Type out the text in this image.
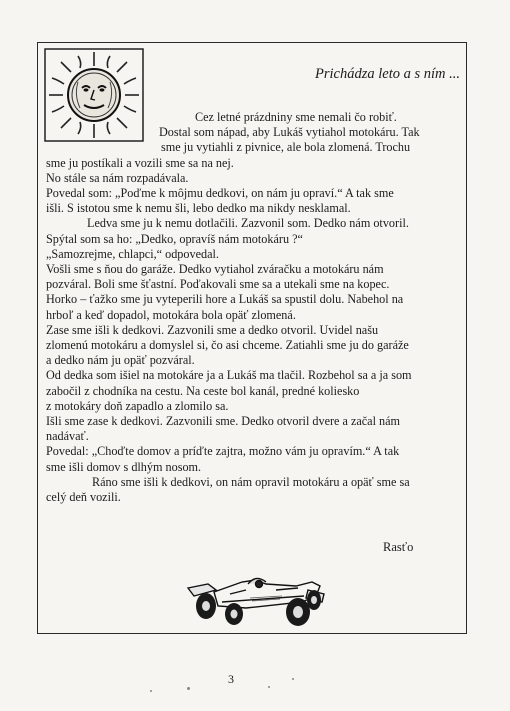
Prichádza leto a s ním ...
Cez letné prázdniny sme nemali čo robiť.
Dostal som nápad, aby Lukáš vytiahol motokáru. Tak
sme ju vytiahli z pivnice, ale bola zlomená. Trochu
sme ju postíkali a vozili sme sa na nej.
No stále sa nám rozpadávala.
Povedal som: „Poďme k môjmu dedkovi, on nám ju opraví.“ A tak sme
išli. S istotou sme k nemu šli, lebo dedko ma nikdy nesklamal.
Ledva sme ju k nemu dotlačili. Zazvonil som. Dedko nám otvoril.
Spýtal som sa ho: „Dedko, opravíš nám motokáru ?“
„Samozrejme, chlapci,“ odpovedal.
Vošli sme s ňou do garáže. Dedko vytiahol zváračku a motokáru nám
pozváral. Boli sme šťastní. Poďakovali sme sa a utekali sme na kopec.
Horko – ťažko sme ju vyteperili hore a Lukáš sa spustil dolu. Nabehol na
hrboľ a keď dopadol, motokára bola opäť zlomená.
Zase sme išli k dedkovi. Zazvonili sme a dedko otvoril. Uvidel našu
zlomenú motokáru a domyslel si, čo asi chceme. Zatiahli sme ju do garáže
a dedko nám ju opäť pozváral.
Od dedka som išiel na motokáre ja a Lukáš ma tlačil. Rozbehol sa a ja som
zabočil z chodníka na cestu. Na ceste bol kanál, predné koliesko
z motokáry doň zapadlo a zlomilo sa.
Išli sme zase k dedkovi. Zazvonili sme. Dedko otvoril dvere a začal nám
nadávať.
Povedal: „Choďte domov a príďte zajtra, možno vám ju opravím.“ A tak
sme išli domov s dlhým nosom.
Ráno sme išli k dedkovi, on nám opravil motokáru a opäť sme sa
celý deň vozili.
Rasťo
3
